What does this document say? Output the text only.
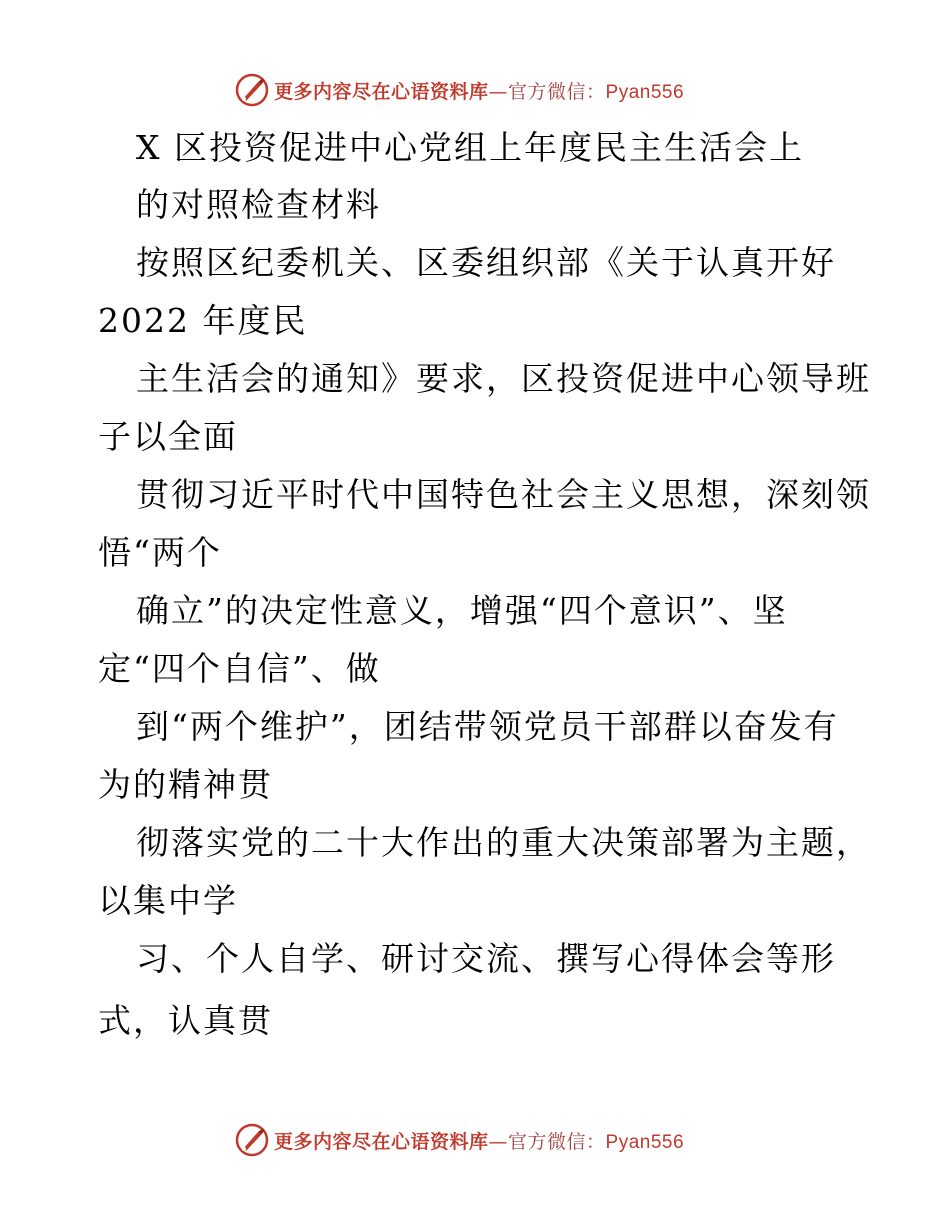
更多内容尽在心语资料库—官方微信：Pyan556
X 区投资促进中心党组上年度民主生活会上
的对照检查材料
按照区纪委机关、区委组织部《关于认真开好
2022 年度民
主生活会的通知》要求，区投资促进中心领导班
子以全面
贯彻习近平时代中国特色社会主义思想，深刻领
悟“两个
确立”的决定性意义，增强“四个意识”、坚
定“四个自信”、做
到“两个维护”，团结带领党员干部群以奋发有
为的精神贯
彻落实党的二十大作出的重大决策部署为主题，
以集中学
习、个人自学、研讨交流、撰写心得体会等形
式，认真贯
更多内容尽在心语资料库—官方微信：Pyan556
